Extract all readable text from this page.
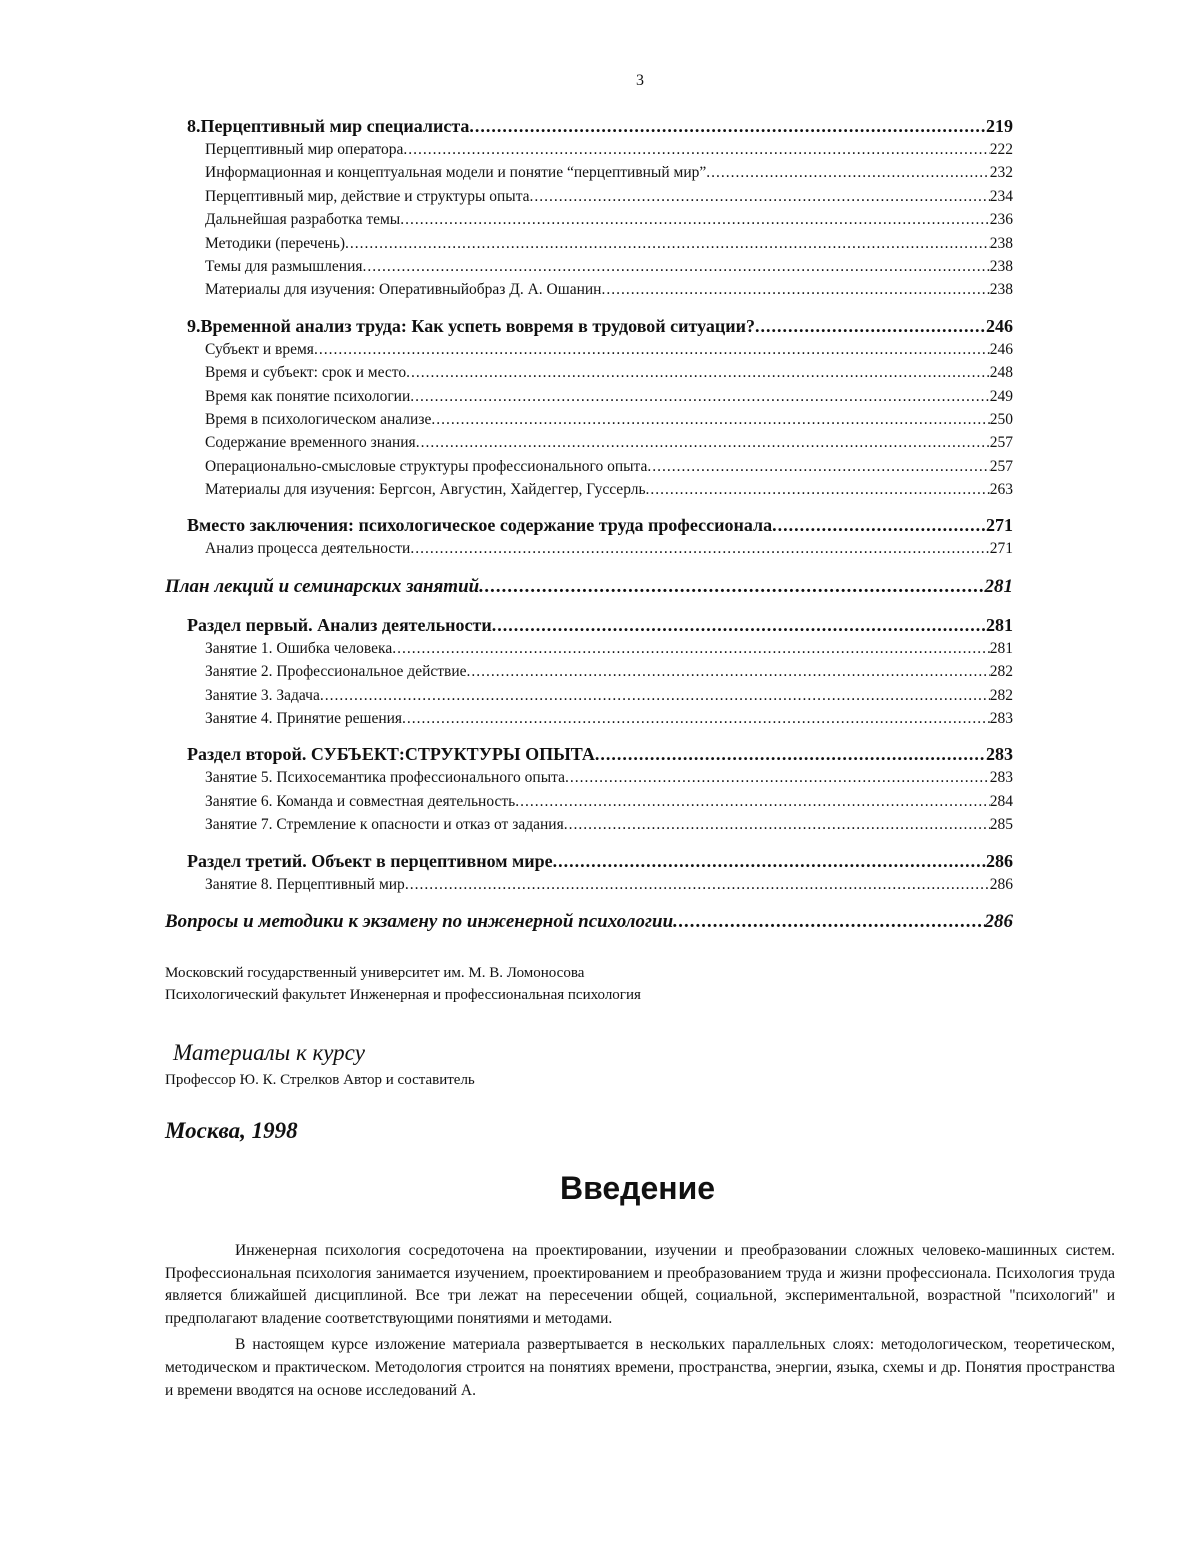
3
8.Перцептивный мир специалиста .....	219
Перцептивный мир оператора .....	222
Информационная и концептуальная модели и понятие “перцептивный мир” .....	232
Перцептивный мир, действие и структуры опыта .....	234
Дальнейшая разработка темы .....	236
Методики (перечень) .....	238
Темы для размышления .....	238
Материалы для изучения: Оперативныйобраз Д. А. Ошанин .....	238
9.Временной анализ труда: Как успеть вовремя в трудовой ситуации? .....	246
Субъект и время .....	246
Время и субъект: срок и место .....	248
Время как понятие психологии .....	249
Время в психологическом анализе .....	250
Содержание временного знания .....	257
Операционально-смысловые структуры профессионального опыта .....	257
Материалы для изучения: Бергсон, Августин, Хайдеггер, Гуссерль .....	263
Вместо заключения: психологическое содержание труда профессионала .....	271
Анализ процесса деятельности .....	271
План лекций и семинарских занятий .....	281
Раздел первый. Анализ деятельности .....	281
Занятие 1. Ошибка человека .....	281
Занятие 2. Профессиональное действие .....	282
Занятие 3. Задача .....	282
Занятие 4. Принятие решения .....	283
Раздел второй. СУБЪЕКТ:СТРУКТУРЫ ОПЫТА .....	283
Занятие 5. Психосемантика профессионального опыта .....	283
Занятие 6. Команда и совместная деятельность .....	284
Занятие 7. Стремление к опасности и отказ от задания .....	285
Раздел третий. Объект в перцептивном мире .....	286
Занятие 8. Перцептивный мир .....	286
Вопросы и методики к экзамену по инженерной психологии .....	286
Московский государственный университет им. М. В. Ломоносова
Психологический факультет Инженерная и профессиональная психология
Материалы к курсу
Профессор Ю. К. Стрелков Автор и составитель
Москва, 1998
Введение

Инженерная психология сосредоточена на проектировании, изучении и преобразовании сложных человеко-машинных систем. Профессиональная психология занимается изучением, проектированием и преобразованием труда и жизни профессионала. Психология труда является ближайшей дисциплиной. Все три лежат на пересечении общей, социальной, экспериментальной, возрастной "психологий" и предполагают владение соответствующими понятиями и методами.

В настоящем курсе изложение материала развертывается в нескольких параллельных слоях: методологическом, теоретическом, методическом и практическом. Методология строится на понятиях времени, пространства, энергии, языка, схемы и др. Понятия пространства и времени вводятся на основе исследований А.
